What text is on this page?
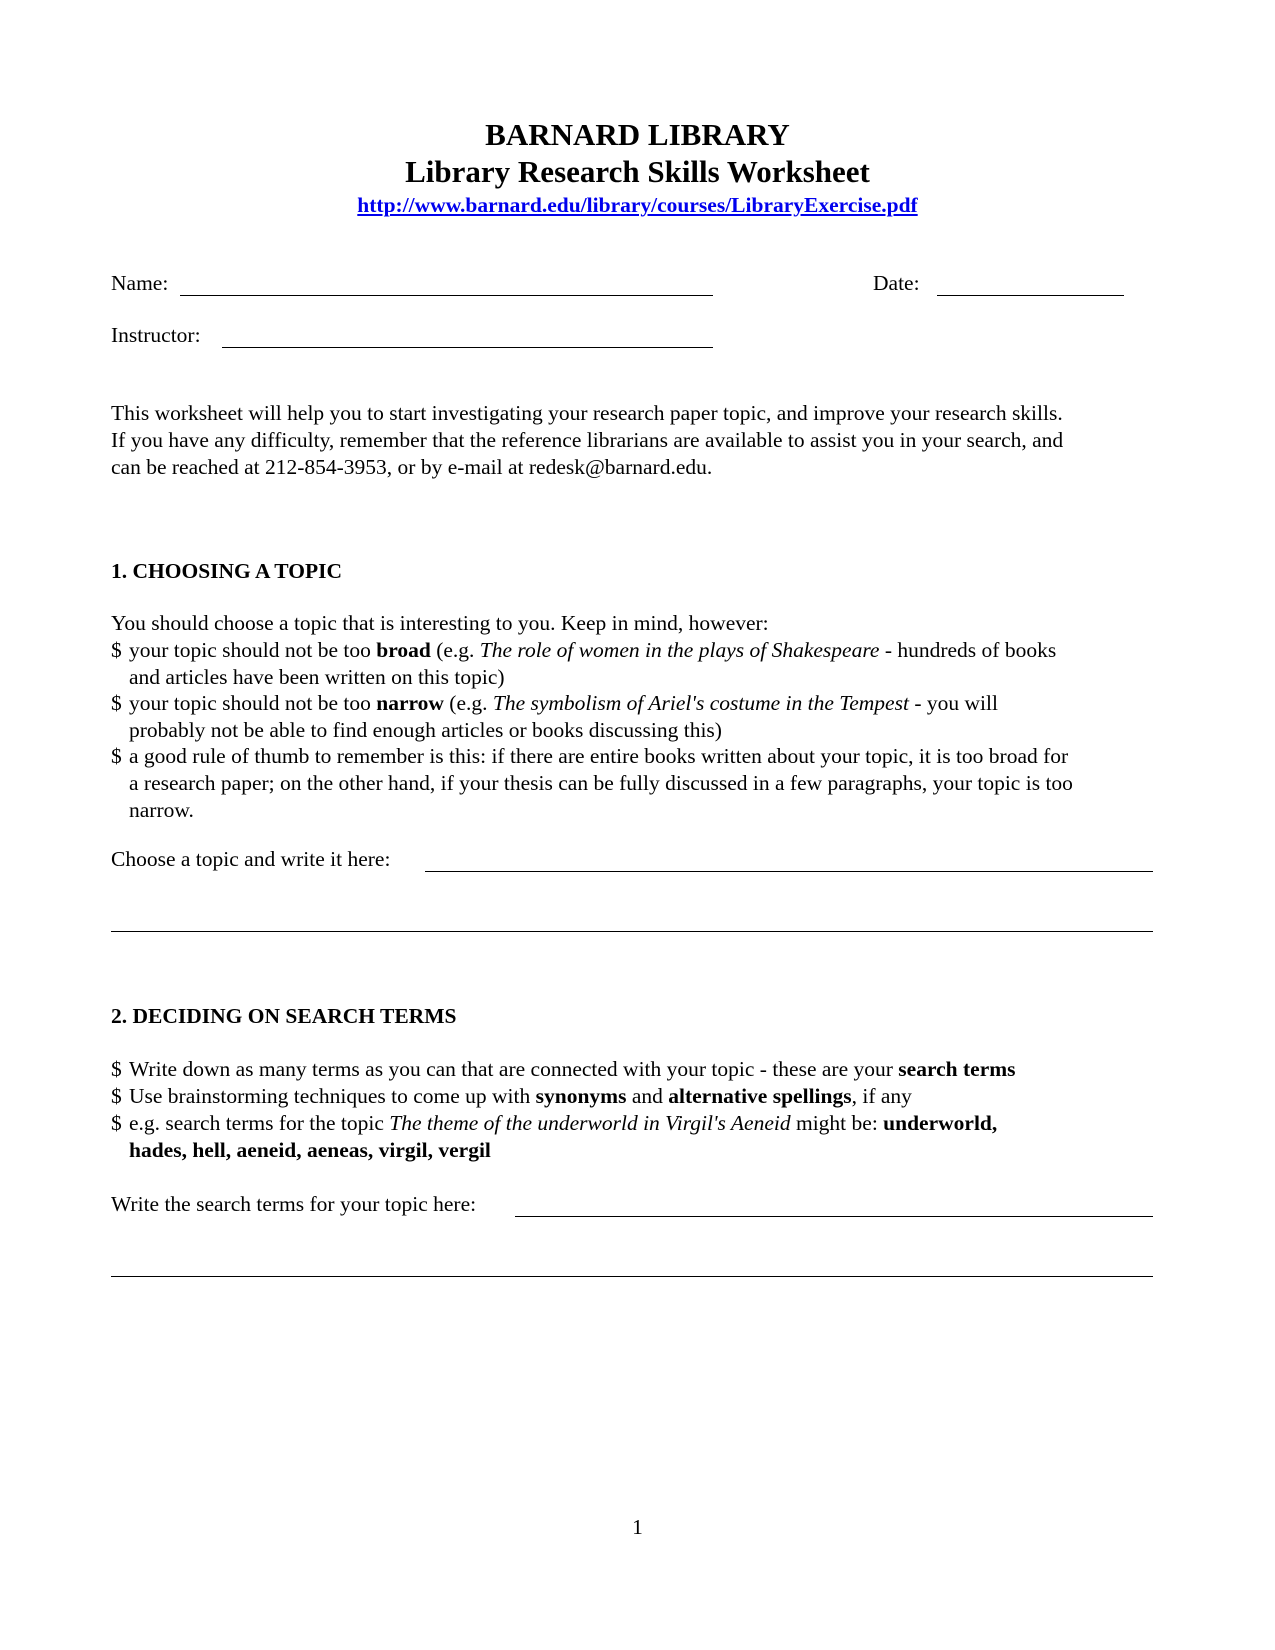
BARNARD LIBRARY
Library Research Skills Worksheet
http://www.barnard.edu/library/courses/LibraryExercise.pdf
Name:	Date:
Instructor:

This worksheet will help you to start investigating your research paper topic, and improve your research skills.

If you have any difficulty, remember that the reference librarians are available to assist you in your search, and

can be reached at 212-854-3953, or by e-mail at redesk@barnard.edu.

1. CHOOSING A TOPIC
You should choose a topic that is interesting to you. Keep in mind, however:
$ your topic should not be too broad (e.g. The role of women in the plays of Shakespeare - hundreds of books
and articles have been written on this topic)
$ your topic should not be too narrow (e.g. The symbolism of Ariel's costume in the Tempest - you will
probably not be able to find enough articles or books discussing this)
$ a good rule of thumb to remember is this: if there are entire books written about your topic, it is too broad for
a research paper; on the other hand, if your thesis can be fully discussed in a few paragraphs, your topic is too
narrow.
Choose a topic and write it here:
2. DECIDING ON SEARCH TERMS
$ Write down as many terms as you can that are connected with your topic - these are your search terms
$ Use brainstorming techniques to come up with synonyms and alternative spellings, if any
$ e.g. search terms for the topic The theme of the underworld in Virgil's Aeneid might be: underworld,
hades, hell, aeneid, aeneas, virgil, vergil
Write the search terms for your topic here:
1
